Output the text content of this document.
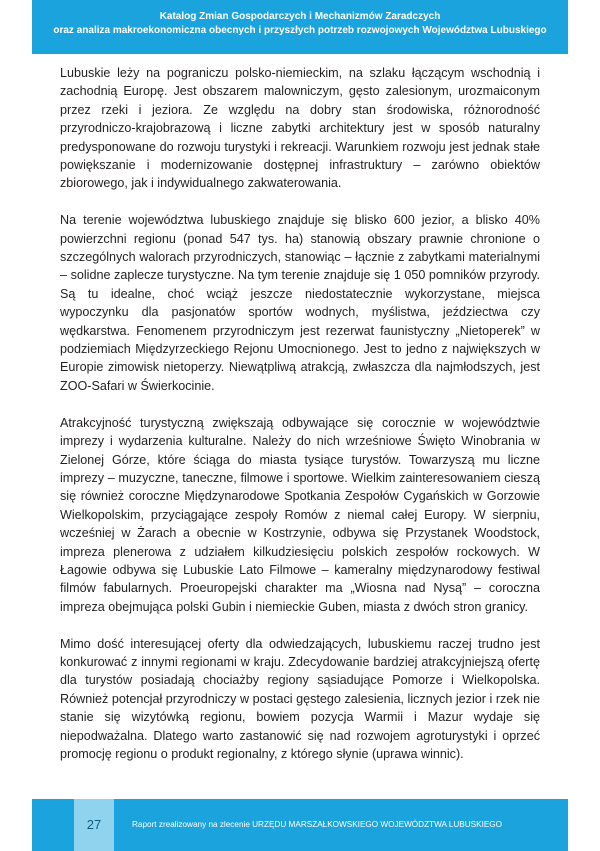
Katalog Zmian Gospodarczych i Mechanizmów Zaradczych
oraz analiza makroekonomiczna obecnych i przyszłych potrzeb rozwojowych Województwa Lubuskiego

Lubuskie leży na pograniczu polsko-niemieckim, na szlaku łączącym wschodnią i zachodnią Europę. Jest obszarem malowniczym, gęsto zalesionym, urozmaiconym przez rzeki i jeziora. Ze względu na dobry stan środowiska, różnorodność przyrodniczo-krajobrazową i liczne zabytki architektury jest w sposób naturalny predysponowane do rozwoju turystyki i rekreacji. Warunkiem rozwoju jest jednak stałe powiększanie i modernizowanie dostępnej infrastruktury – zarówno obiektów zbiorowego, jak i indywidualnego zakwaterowania.

Na terenie województwa lubuskiego znajduje się blisko 600 jezior, a blisko 40% powierzchni regionu (ponad 547 tys. ha) stanowią obszary prawnie chronione o szczególnych walorach przyrodniczych, stanowiąc – łącznie z zabytkami materialnymi – solidne zaplecze turystyczne. Na tym terenie znajduje się 1 050 pomników przyrody. Są tu idealne, choć wciąż jeszcze niedostatecznie wykorzystane, miejsca wypoczynku dla pasjonatów sportów wodnych, myślistwa, jeździectwa czy wędkarstwa. Fenomenem przyrodniczym jest rezerwat faunistyczny „Nietoperek” w podziemiach Międzyrzeckiego Rejonu Umocnionego. Jest to jedno z największych w Europie zimowisk nietoperzy. Niewątpliwą atrakcją, zwłaszcza dla najmłodszych, jest ZOO-Safari w Świerkocinie.

Atrakcyjność turystyczną zwiększają odbywające się corocznie w województwie imprezy i wydarzenia kulturalne. Należy do nich wrześniowe Święto Winobrania w Zielonej Górze, które ściąga do miasta tysiące turystów. Towarzyszą mu liczne imprezy – muzyczne, taneczne, filmowe i sportowe. Wielkim zainteresowaniem cieszą się również coroczne Międzynarodowe Spotkania Zespołów Cygańskich w Gorzowie Wielkopolskim, przyciągające zespoły Romów z niemal całej Europy. W sierpniu, wcześniej w Żarach a obecnie w Kostrzynie, odbywa się Przystanek Woodstock, impreza plenerowa z udziałem kilkudziesięciu polskich zespołów rockowych. W Łagowie odbywa się Lubuskie Lato Filmowe – kameralny międzynarodowy festiwal filmów fabularnych. Proeuropejski charakter ma „Wiosna nad Nysą” – coroczna impreza obejmująca polski Gubin i niemieckie Guben, miasta z dwóch stron granicy.

Mimo dość interesującej oferty dla odwiedzających, lubuskiemu raczej trudno jest konkurować z innymi regionami w kraju. Zdecydowanie bardziej atrakcyjniejszą ofertę dla turystów posiadają chociażby regiony sąsiadujące Pomorze i Wielkopolska. Również potencjał przyrodniczy w postaci gęstego zalesienia, licznych jezior i rzek nie stanie się wizytówką regionu, bowiem pozycja Warmii i Mazur wydaje się niepodważalna. Dlatego warto zastanowić się nad rozwojem agroturystyki i oprzeć promocję regionu o produkt regionalny, z którego słynie (uprawa winnic).

27	Raport zrealizowany na zlecenie URZĘDU MARSZAŁKOWSKIEGO WOJEWÓDZTWA LUBUSKIEGO
